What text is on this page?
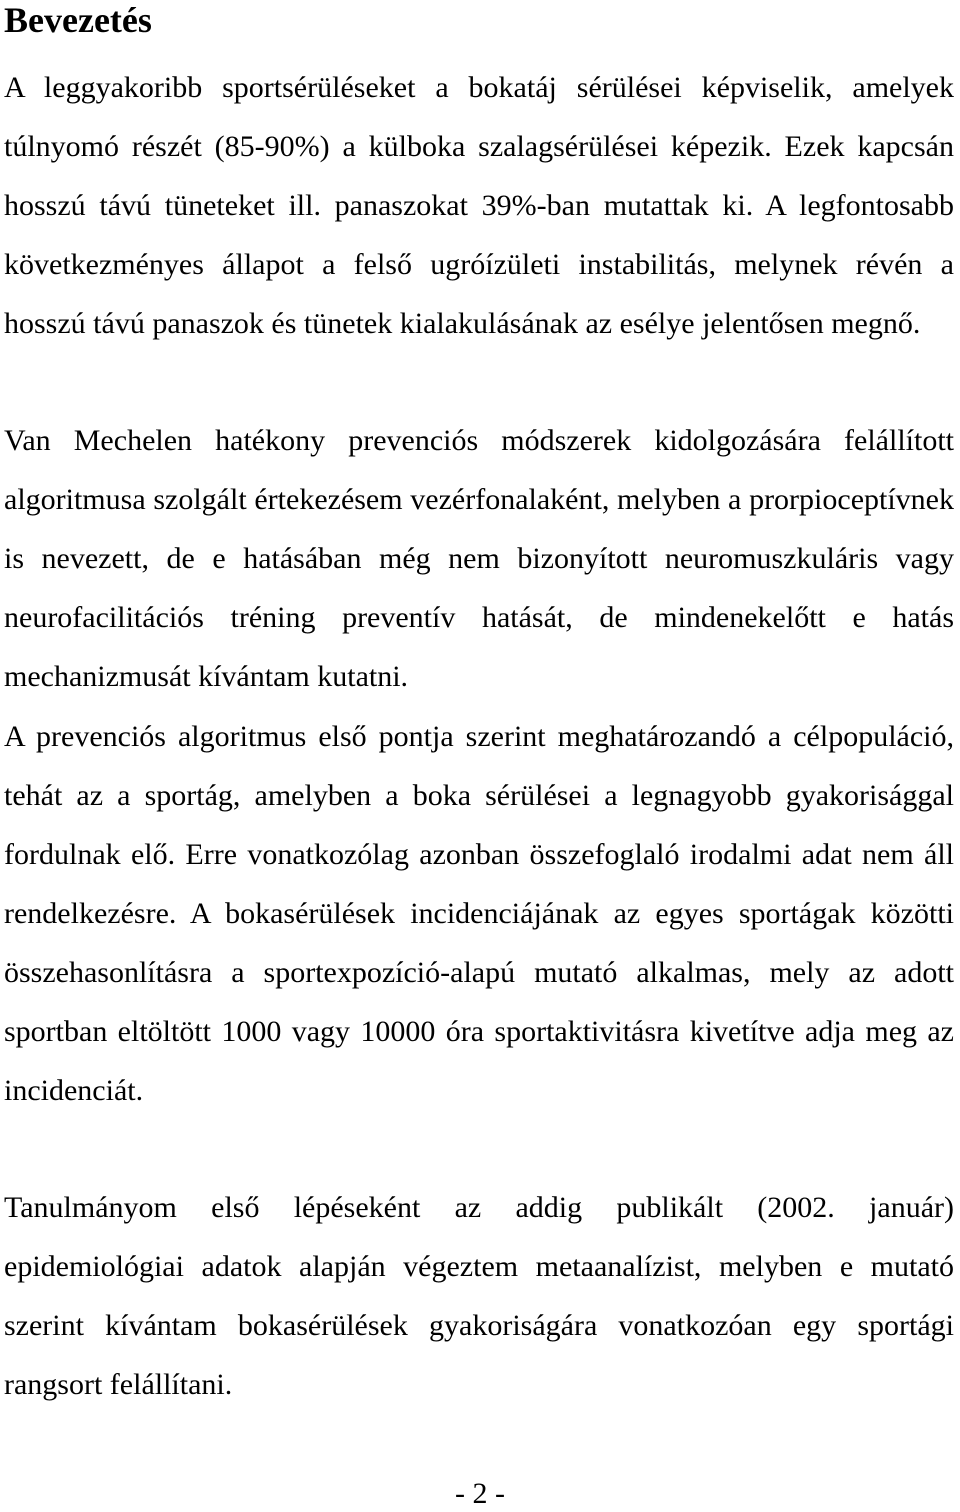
Bevezetés

A leggyakoribb sportsérüléseket a bokatáj sérülései képviselik, amelyek túlnyomó részét (85-90%) a külboka szalagsérülései képezik. Ezek kapcsán hosszú távú tüneteket ill. panaszokat 39%-ban mutattak ki. A legfontosabb következményes állapot a felső ugróízületi instabilitás, melynek révén a hosszú távú panaszok és tünetek kialakulásának az esélye jelentősen megnő.

Van Mechelen hatékony prevenciós módszerek kidolgozására felállított algoritmusa szolgált értekezésem vezérfonalaként, melyben a prorpioceptívnek is nevezett, de e hatásában még nem bizonyított neuromuszkuláris vagy neurofacilitációs tréning preventív hatását, de mindenekelőtt e hatás mechanizmusát kívántam kutatni.

A prevenciós algoritmus első pontja szerint meghatározandó a célpopuláció, tehát az a sportág, amelyben a boka sérülései a legnagyobb gyakorisággal fordulnak elő. Erre vonatkozólag azonban összefoglaló irodalmi adat nem áll rendelkezésre. A bokasérülések incidenciájának az egyes sportágak közötti összehasonlításra a sportexpozíció-alapú mutató alkalmas, mely az adott sportban eltöltött 1000 vagy 10000 óra sportaktivitásra kivetítve adja meg az incidenciát.

Tanulmányom első lépéseként az addig publikált (2002. január) epidemiológiai adatok alapján végeztem metaanalízist, melyben e mutató szerint kívántam bokasérülések gyakoriságára vonatkozóan egy sportági rangsort felállítani.

- 2 -
